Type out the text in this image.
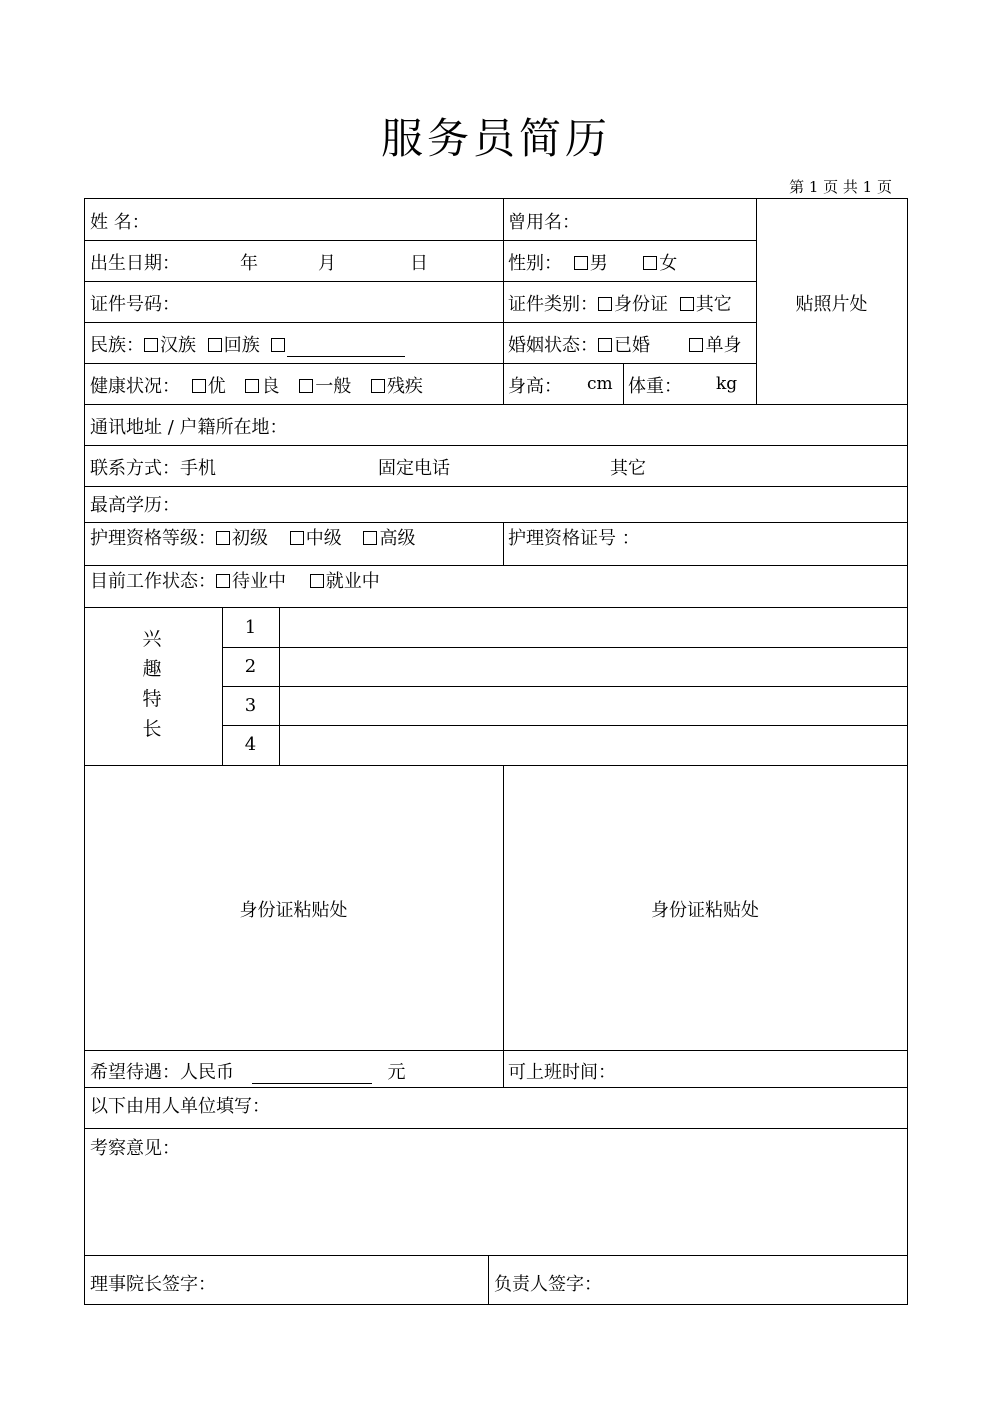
服务员简历
第 1 页 共 1 页
姓 名：	曾用名：
贴照片处
出生日期：	年	月	日	性别： 男	女
证件号码：	证件类别： 身份证 其它
民族： 汉族 回族	婚姻状态： 已婚	单身
健康状况： 优 良 一般 残疾	身高： cm 体重： kg
通讯地址 / 户籍所在地：
联系方式：手机	固定电话	其它
最高学历：
护理资格等级： 初级 中级 高级	护理资格证号 ：
目前工作状态： 待业中 就业中
兴 趣 特 长
1
2
3
4
身份证粘贴处	身份证粘贴处
希望待遇：人民币	元	可上班时间：
以下由用人单位填写：
考察意见：
理事院长签字：	负责人签字：
